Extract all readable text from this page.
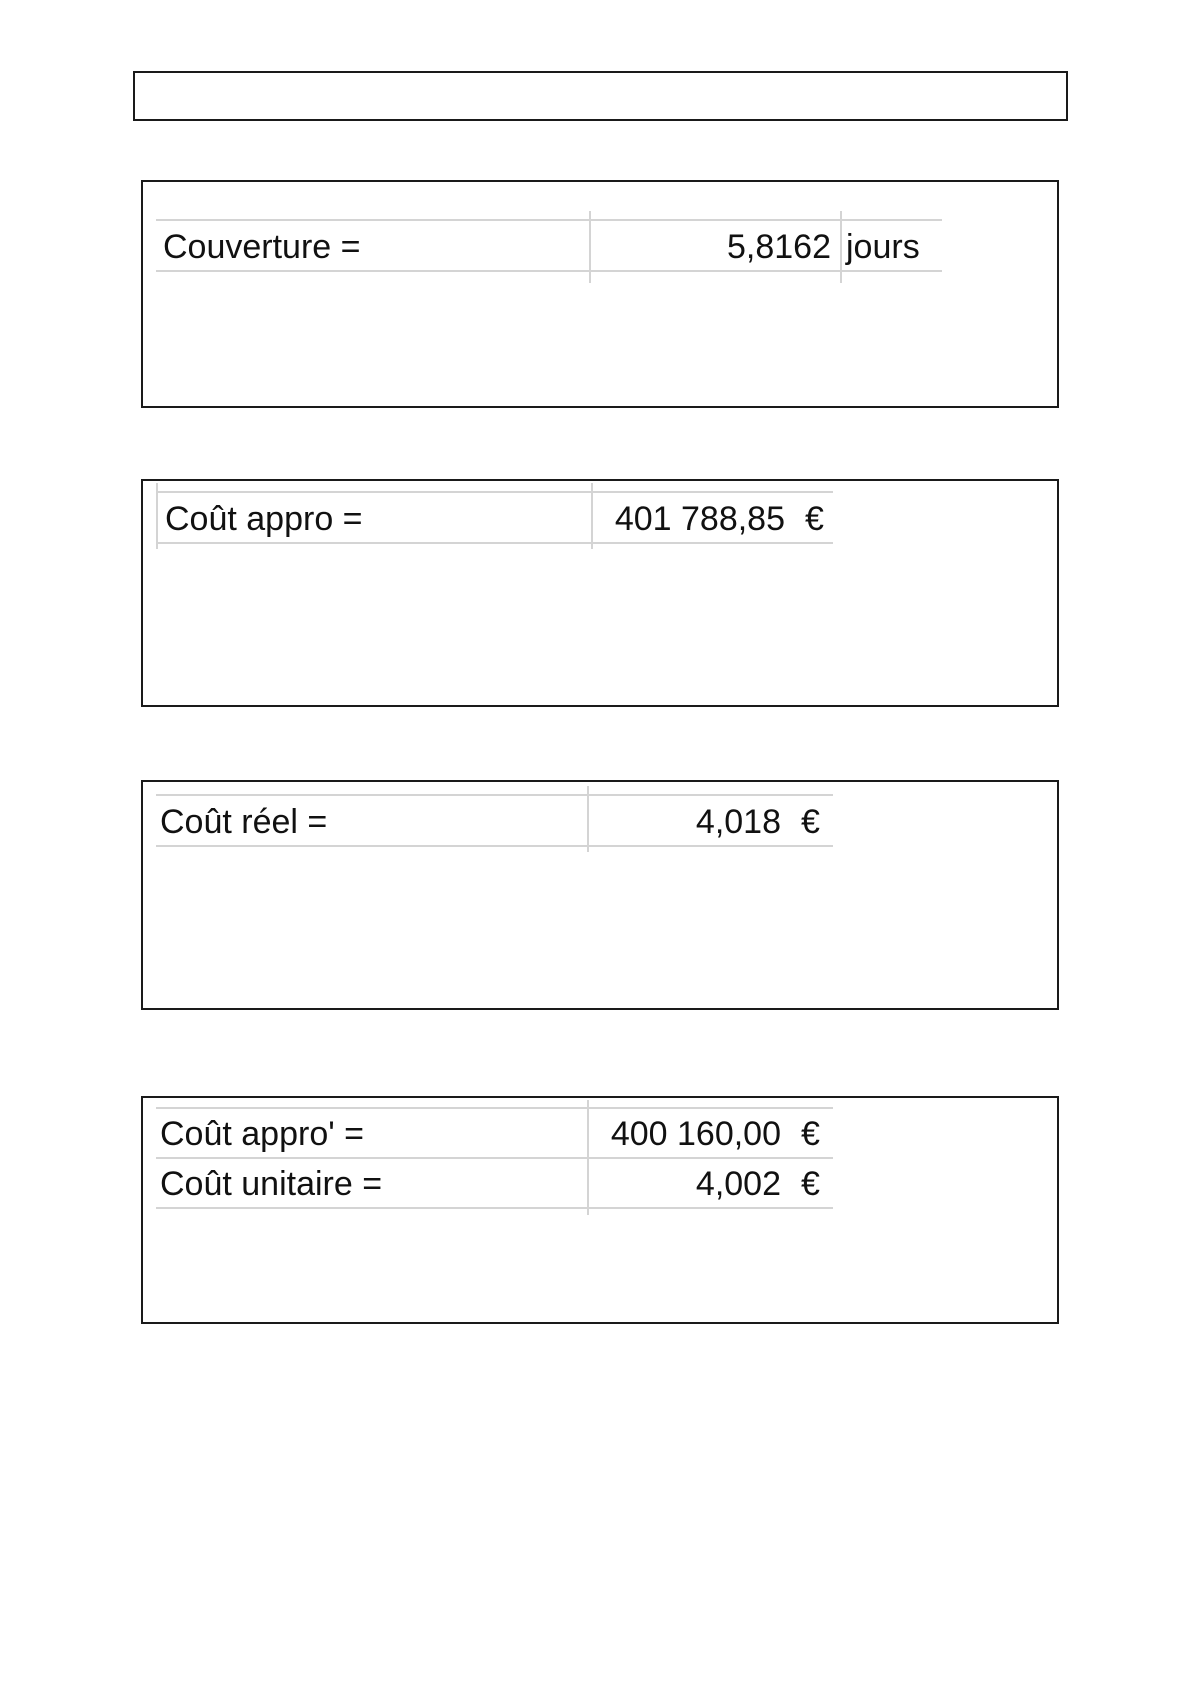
Couverture =	5,8162 jours
Coût appro =	401 788,85 €
Coût réel =	4,018 €
Coût appro' =	400 160,00 €
Coût unitaire =	4,002 €
